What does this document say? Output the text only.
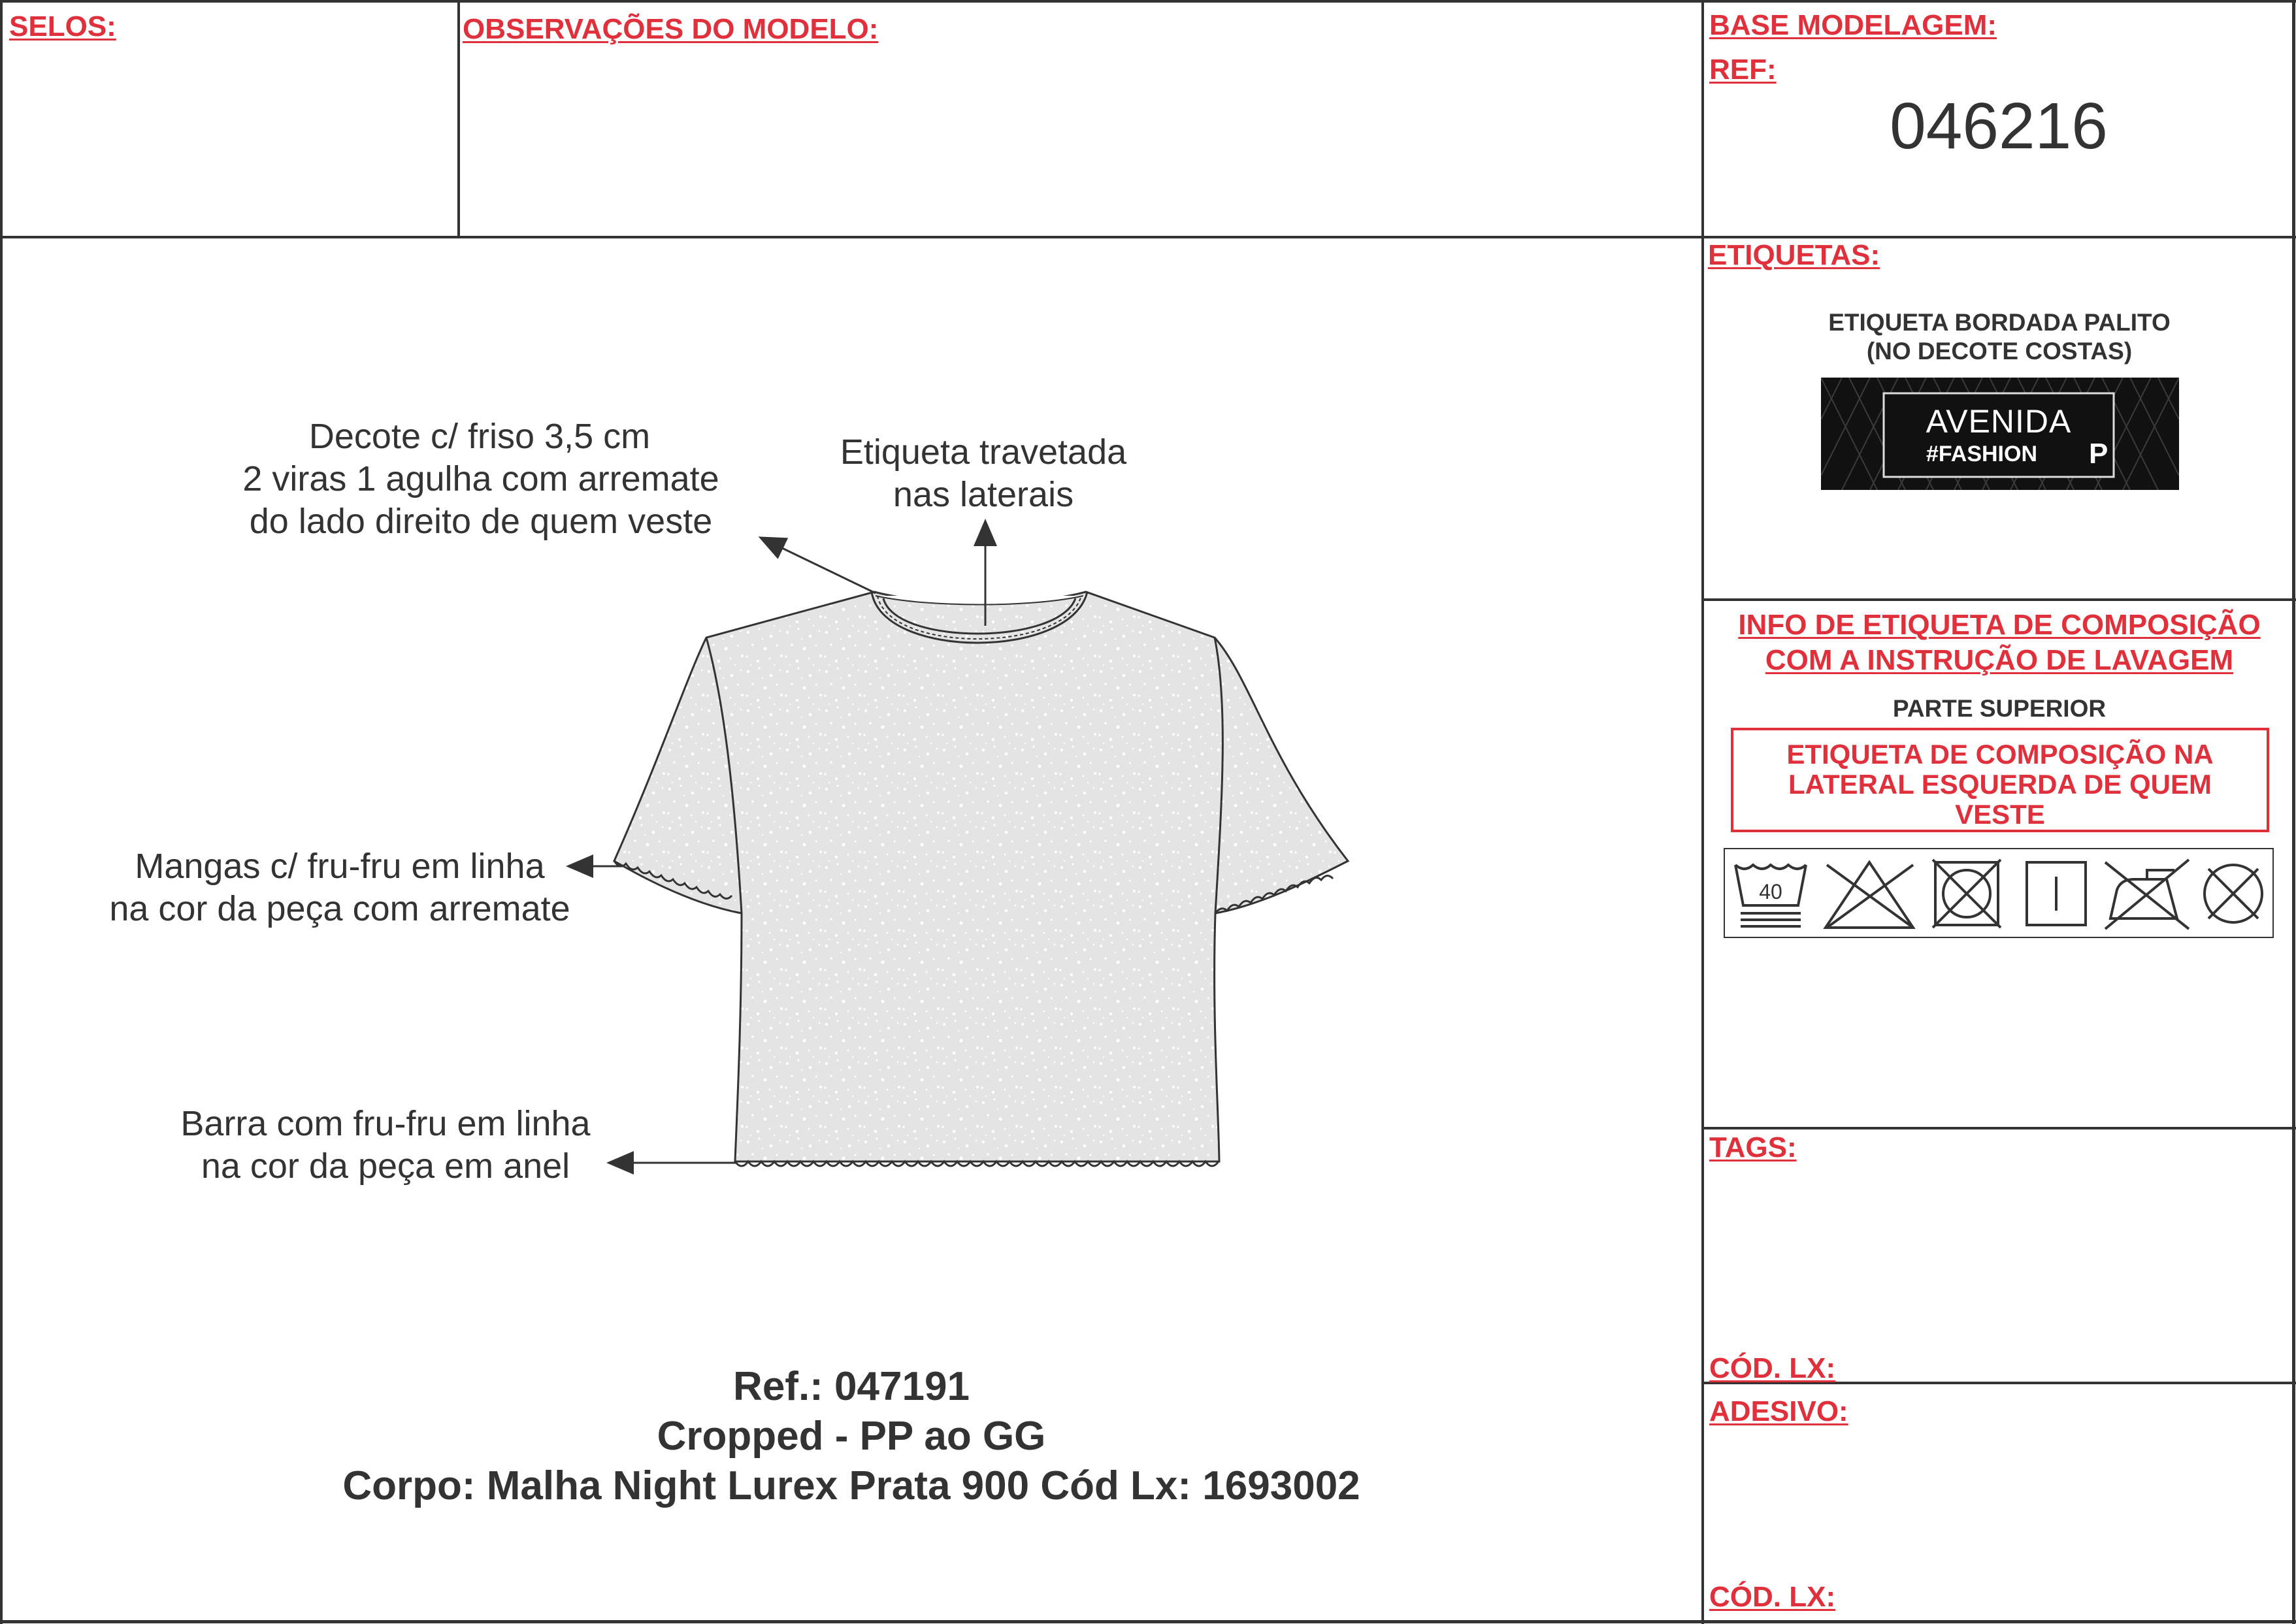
SELOS:	OBSERVAÇÕES DO MODELO:	BASE MODELAGEM:
REF:
046216
Decote c/ friso 3,5 cm
2 viras 1 agulha com arremate
do lado direito de quem veste
Etiqueta travetada
nas laterais
Mangas c/ fru-fru em linha
na cor da peça com arremate
Barra com fru-fru em linha
na cor da peça em anel
Ref.: 047191
Cropped - PP ao GG
Corpo: Malha Night Lurex Prata 900 Cód Lx: 1693002
ETIQUETAS:
ETIQUETA BORDADA PALITO
(NO DECOTE COSTAS)
AVENIDA
#FASHION	P
INFO DE ETIQUETA DE COMPOSIÇÃO
COM A INSTRUÇÃO DE LAVAGEM
PARTE SUPERIOR
ETIQUETA DE COMPOSIÇÃO NA
LATERAL ESQUERDA DE QUEM
VESTE
40
TAGS:
CÓD. LX:
ADESIVO:
CÓD. LX:
